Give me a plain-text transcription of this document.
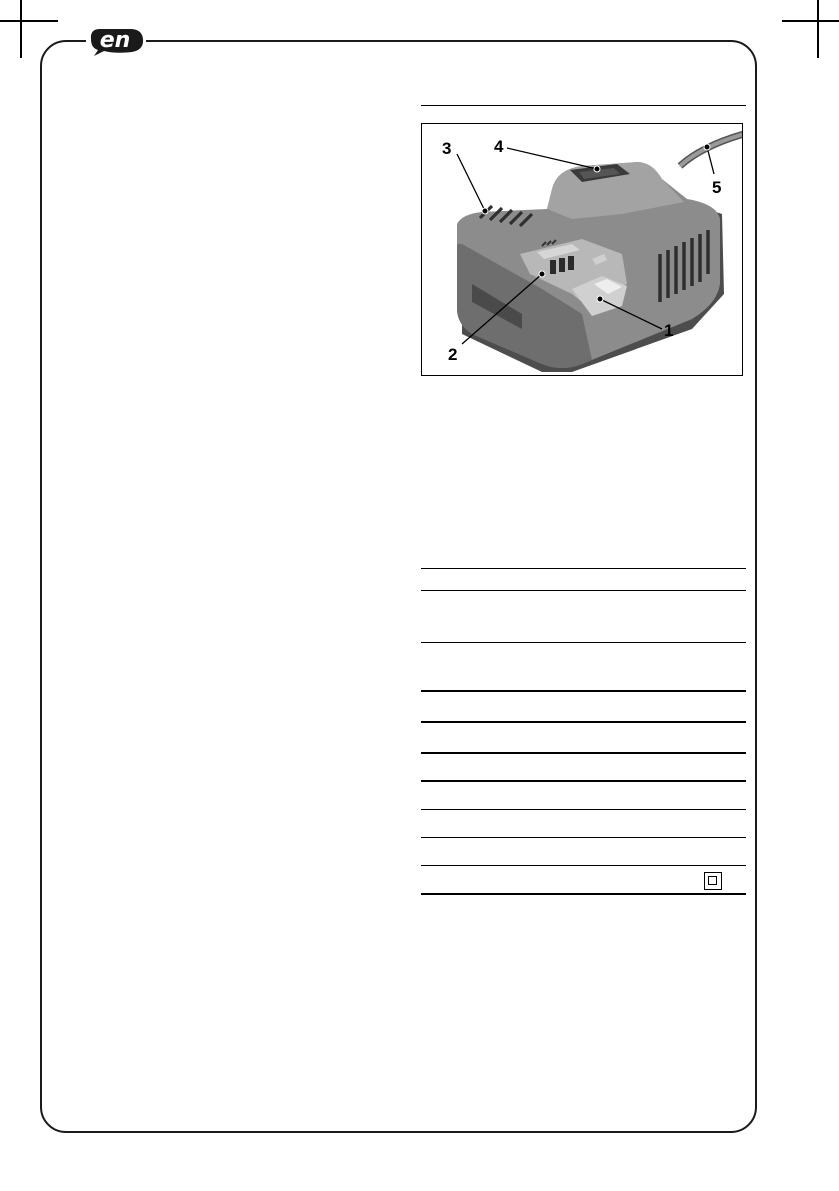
en
3	4
5
2
1
